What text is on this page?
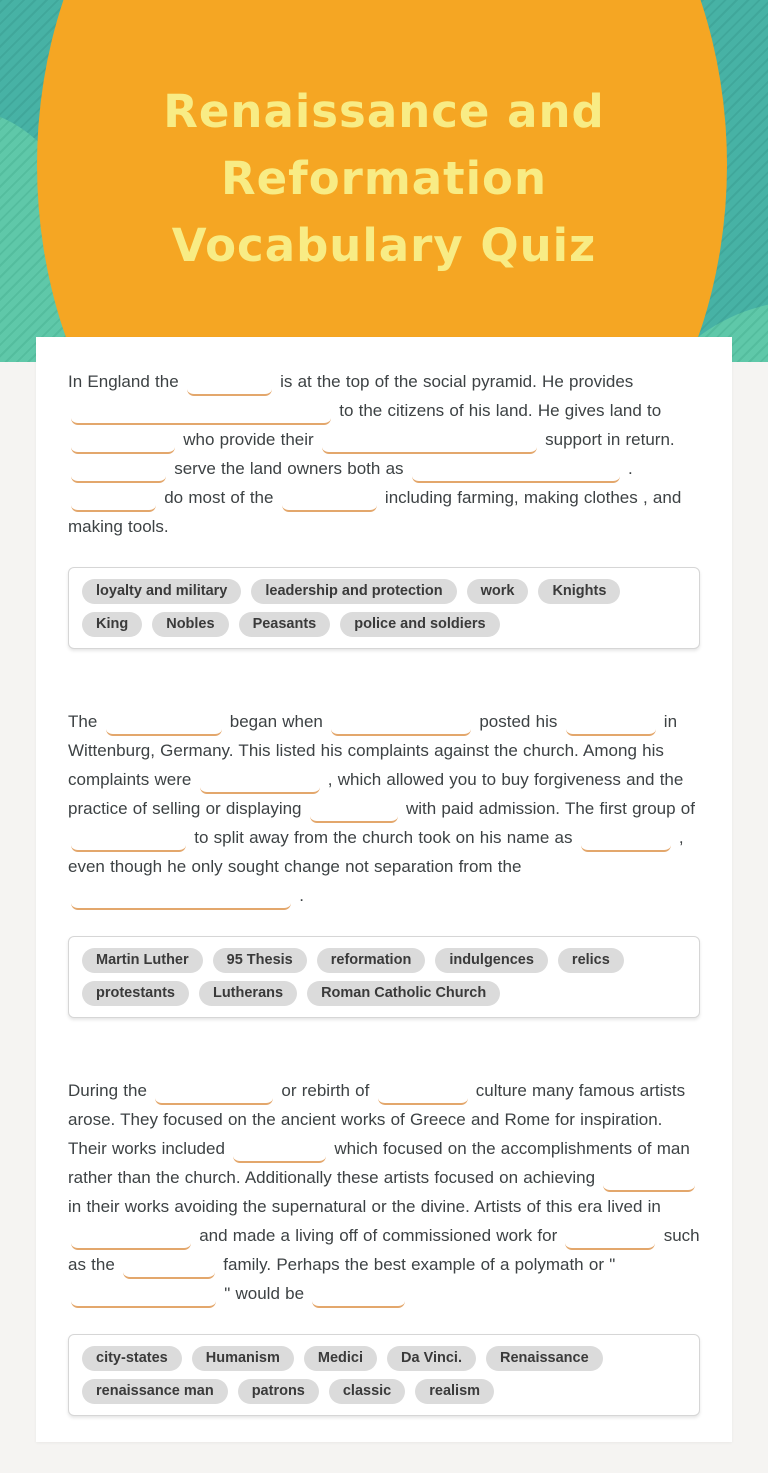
Renaissance and
Reformation
Vocabulary Quiz

In England the	is at the top of the social pyramid. He provides  to the citizens of his land. He gives land to  who provide their	support in return.  serve the land owners both as	.  do most of the	including farming, making clothes , and making tools.

loyalty and military	leadership and protection	work	KnightsKing	Nobles	Peasants	police and soldiers

The	began when	posted his	in Wittenburg, Germany. This listed his complaints against the church. Among his complaints were	, which allowed you to buy forgiveness and the practice of selling or displaying	with paid admission. The first group of  to split away from the church took on his name as	, even though he only sought change not separation from the  .

Martin Luther	95 Thesis	reformation	indulgences	relicsprotestants	Lutherans	Roman Catholic Church

During the	or rebirth of	culture many famous artists arose. They focused on the ancient works of Greece and Rome for inspiration. Their works included	which focused on the accomplishments of man rather than the church. Additionally these artists focused on achieving  in their works avoiding the supernatural or the divine. Artists of this era lived in  and made a living off of commissioned work for	such as the	family. Perhaps the best example of a polymath or "  " would be

city-states	Humanism	Medici	Da Vinci.	Renaissancerenaissance man	patrons	classic	realism
